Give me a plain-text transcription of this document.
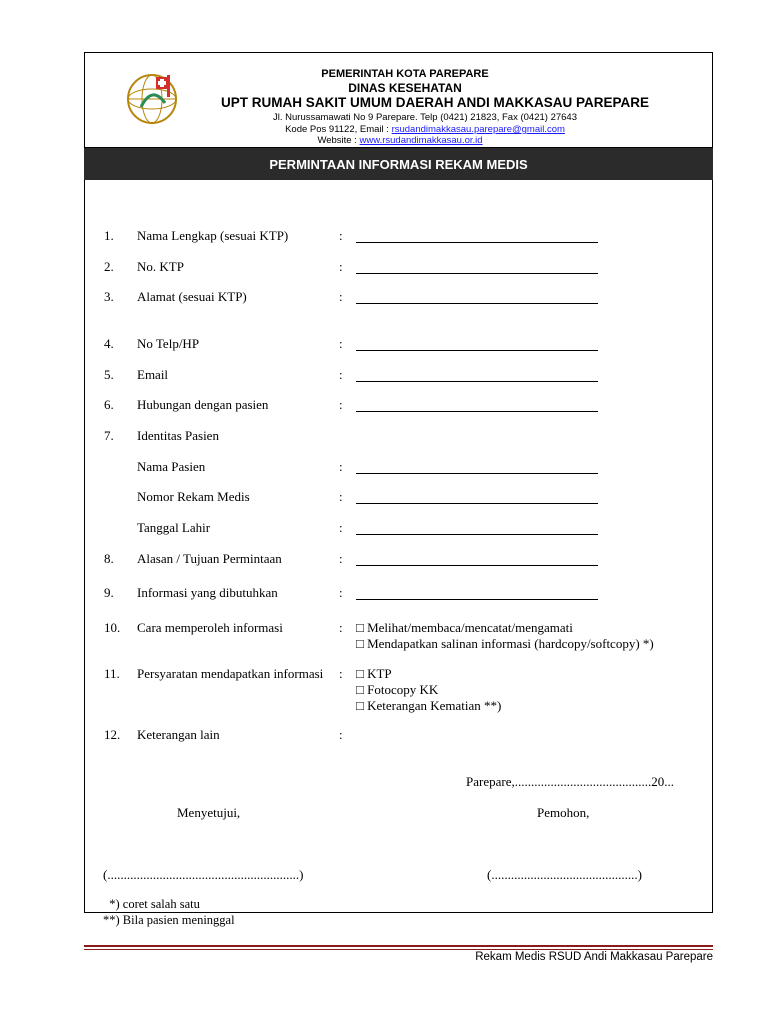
PEMERINTAH KOTA PAREPARE
DINAS KESEHATAN
UPT RUMAH SAKIT UMUM DAERAH ANDI MAKKASAU PAREPARE
Jl. Nurussamawati No 9 Parepare. Telp (0421) 21823, Fax (0421) 27643
Kode Pos 91122, Email : rsudandimakkasau.parepare@gmail.com
Website : www.rsudandimakkasau.or.id
PERMINTAAN INFORMASI REKAM MEDIS
1. Nama Lengkap (sesuai KTP)	:
2. No. KTP	:
3. Alamat (sesuai KTP)	:
4. No Telp/HP	:
5. Email	:
6. Hubungan dengan pasien	:
7. Identitas Pasien
Nama Pasien	:
Nomor Rekam Medis	:
Tanggal Lahir	:
8. Alasan / Tujuan Permintaan	:
9. Informasi yang dibutuhkan	:
10. Cara memperoleh informasi	: □ Melihat/membaca/mencatat/mengamati
□ Mendapatkan salinan informasi (hardcopy/softcopy) *)
11. Persyaratan mendapatkan informasi : □ KTP
□ Fotocopy KK
□ Keterangan Kematian **)
12. Keterangan lain	:
Parepare,..........................................20...
Menyetujui,	Pemohon,
(...........................................................)	(.............................................)
*) coret salah satu
**) Bila pasien meninggal
Rekam Medis RSUD Andi Makkasau Parepare
